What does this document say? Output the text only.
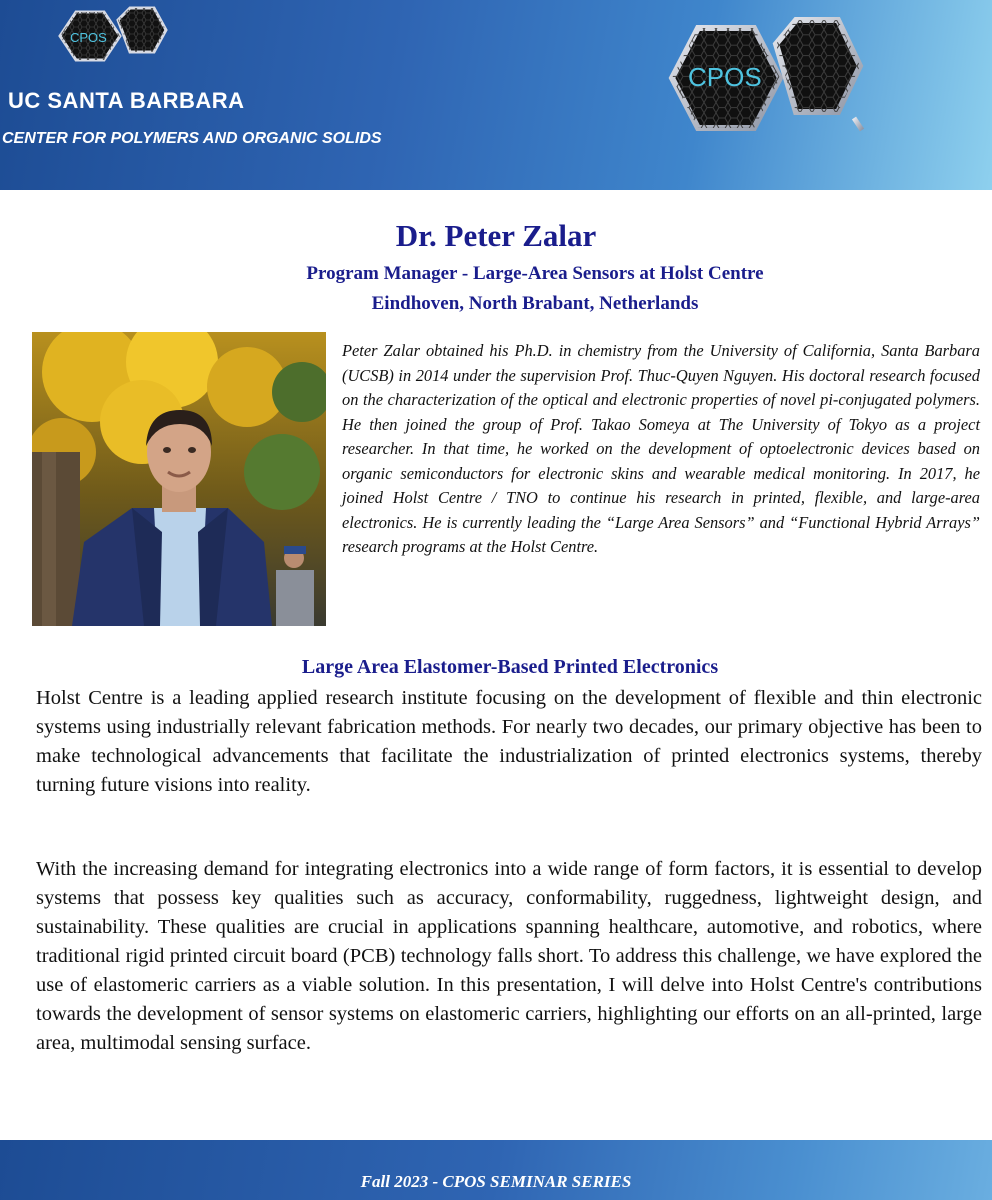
CPOS
UC SANTA BARBARA
CENTER FOR POLYMERS AND ORGANIC SOLIDS
CPOS
Dr. Peter Zalar
Program Manager - Large-Area Sensors at Holst Centre
Eindhoven, North Brabant, Netherlands
Peter Zalar obtained his Ph.D. in chemistry from the University of California, Santa Barbara (UCSB) in 2014 under the supervision Prof. Thuc-Quyen Nguyen. His doctoral research focused on the characterization of the optical and electronic properties of novel pi-conjugated polymers. He then joined the group of Prof. Takao Someya at The University of Tokyo as a project researcher. In that time, he worked on the development of optoelectronic devices based on organic semiconductors for electronic skins and wearable medical monitoring. In 2017, he joined Holst Centre / TNO to continue his research in printed, flexible, and large-area electronics. He is currently leading the “Large Area Sensors” and “Functional Hybrid Arrays” research programs at the Holst Centre.
Large Area Elastomer-Based Printed Electronics
Holst Centre is a leading applied research institute focusing on the development of flexible and thin electronic systems using industrially relevant fabrication methods. For nearly two decades, our primary objective has been to make technological advancements that facilitate the industrialization of printed electronics systems, thereby turning future visions into reality.
With the increasing demand for integrating electronics into a wide range of form factors, it is essential to develop systems that possess key qualities such as accuracy, conformability, ruggedness, lightweight design, and sustainability. These qualities are crucial in applications spanning healthcare, automotive, and robotics, where traditional rigid printed circuit board (PCB) technology falls short. To address this challenge, we have explored the use of elastomeric carriers as a viable solution. In this presentation, I will delve into Holst Centre's contributions towards the development of sensor systems on elastomeric carriers, highlighting our efforts on an all-printed, large area, multimodal sensing surface.
Fall 2023 - CPOS SEMINAR SERIES
